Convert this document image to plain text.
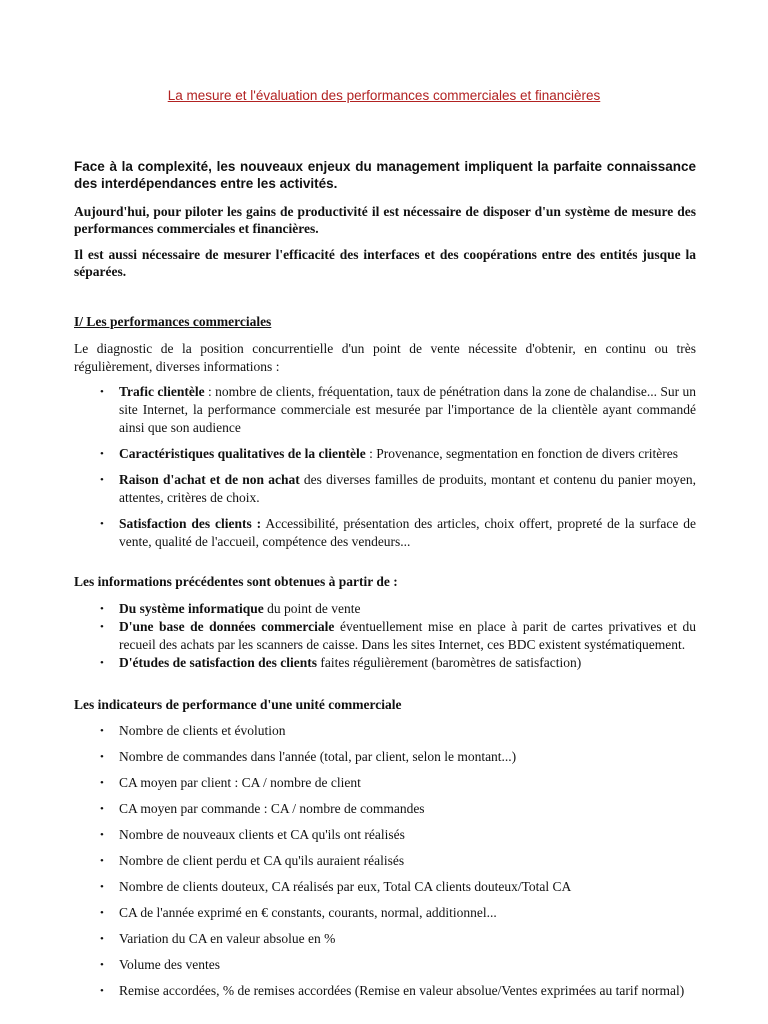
La mesure et l'évaluation des performances commerciales et financières

Face à la complexité, les nouveaux enjeux du management impliquent la parfaite connaissance des interdépendances entre les activités.

Aujourd'hui, pour piloter les gains de productivité il est nécessaire de disposer d'un système de mesure des performances commerciales et financières.

Il est aussi nécessaire de mesurer l'efficacité des interfaces et des coopérations entre des entités jusque la séparées.

I/ Les performances commerciales

Le diagnostic de la position concurrentielle d'un point de vente nécessite d'obtenir, en continu ou très régulièrement, diverses informations :

• Trafic clientèle : nombre de clients, fréquentation, taux de pénétration dans la zone de chalandise... Sur un site Internet, la performance commerciale est mesurée par l'importance de la clientèle ayant commandé ainsi que son audience
• Caractéristiques qualitatives de la clientèle : Provenance, segmentation en fonction de divers critères
• Raison d'achat et de non achat des diverses familles de produits, montant et contenu du panier moyen, attentes, critères de choix.
• Satisfaction des clients : Accessibilité, présentation des articles, choix offert, propreté de la surface de vente, qualité de l'accueil, compétence des vendeurs...

Les informations précédentes sont obtenues à partir de :

• Du système informatique du point de vente
• D'une base de données commerciale éventuellement mise en place à parit de cartes privatives et du recueil des achats par les scanners de caisse. Dans les sites Internet, ces BDC existent systématiquement.
• D'études de satisfaction des clients faites régulièrement (baromètres de satisfaction)

Les indicateurs de performance d'une unité commerciale

• Nombre de clients et évolution
• Nombre de commandes dans l'année (total, par client, selon le montant...)
• CA moyen par client : CA / nombre de client
• CA moyen par commande : CA / nombre de commandes
• Nombre de nouveaux clients et CA qu'ils ont réalisés
• Nombre de client perdu et CA qu'ils auraient réalisés
• Nombre de clients douteux, CA réalisés par eux, Total CA clients douteux/Total CA
• CA de l'année exprimé en € constants, courants, normal, additionnel...
• Variation du CA en valeur absolue en %
• Volume des ventes
• Remise accordées, % de remises accordées (Remise en valeur absolue/Ventes exprimées au tarif normal)
